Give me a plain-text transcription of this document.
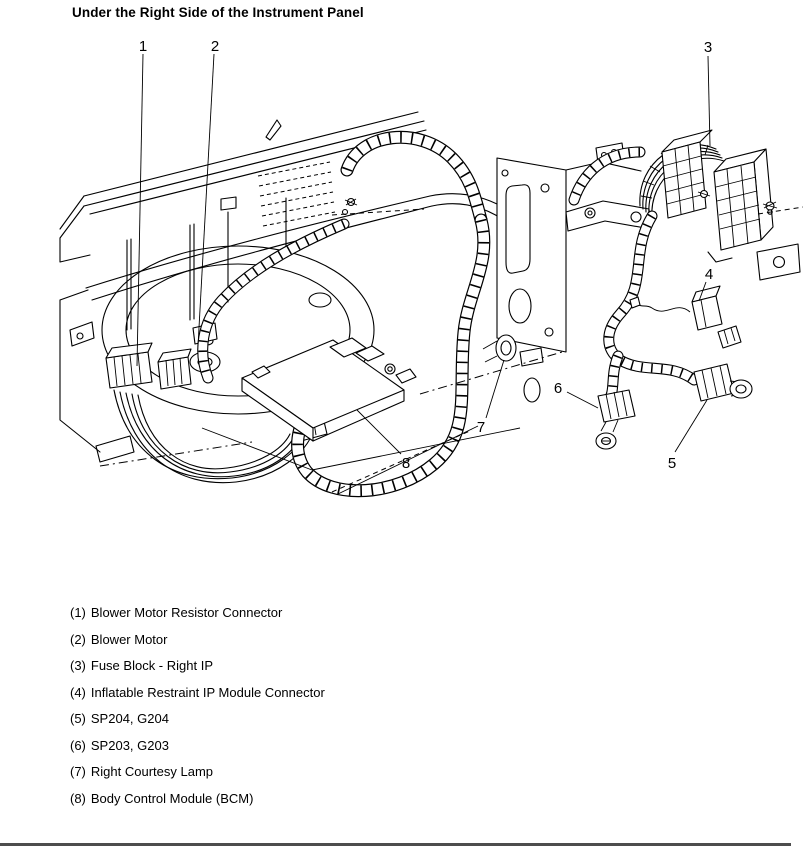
Under the Right Side of the Instrument Panel
1	2	3
4
5
6
7
8
(1) Blower Motor Resistor Connector
(2) Blower Motor
(3) Fuse Block - Right IP
(4) Inflatable Restraint IP Module Connector
(5) SP204, G204
(6) SP203, G203
(7) Right Courtesy Lamp
(8) Body Control Module (BCM)
